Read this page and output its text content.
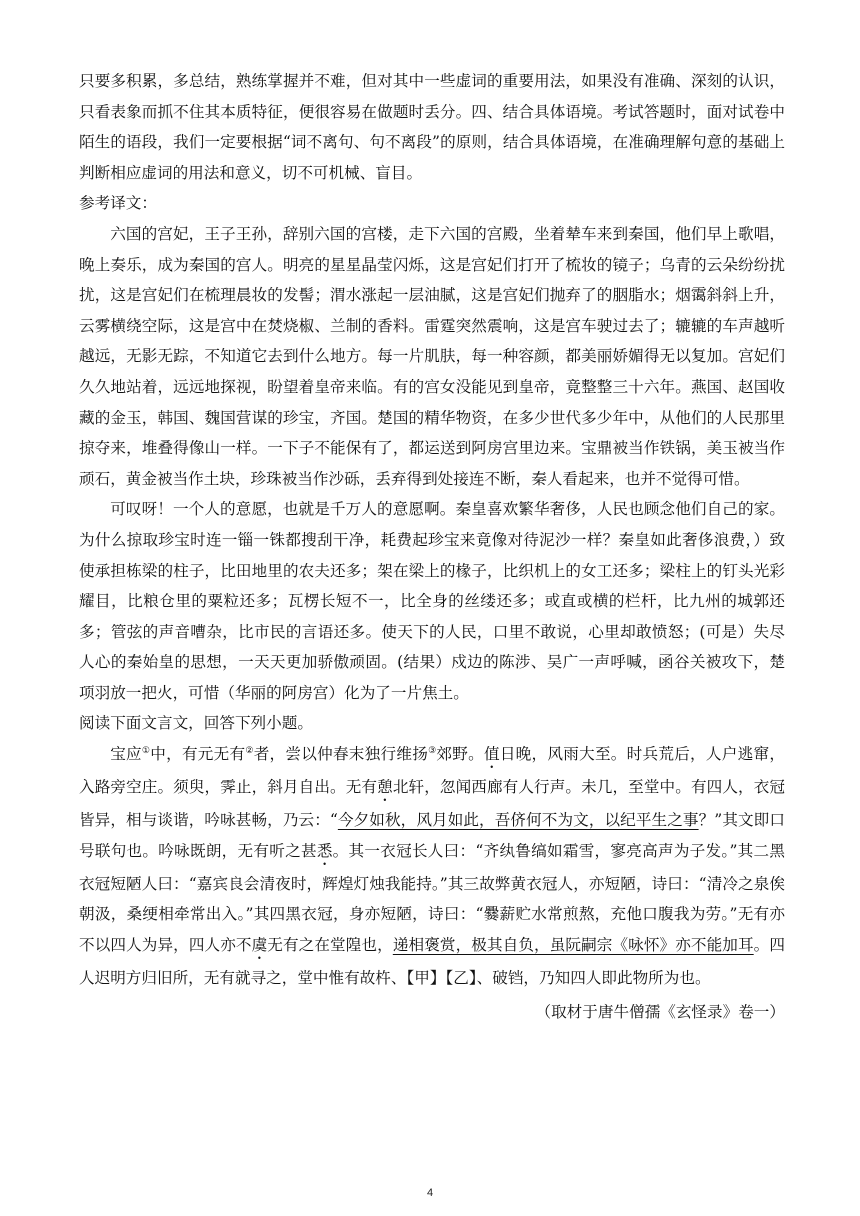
只要多积累，多总结，熟练掌握并不难，但对其中一些虚词的重要用法，如果没有准确、深刻的认识，只看表象而抓不住其本质特征，便很容易在做题时丢分。四、结合具体语境。考试答题时，面对试卷中陌生的语段，我们一定要根据“词不离句、句不离段”的原则，结合具体语境，在准确理解句意的基础上判断相应虚词的用法和意义，切不可机械、盲目。

参考译文：

六国的宫妃，王子王孙，辞别六国的宫楼，走下六国的宫殿，坐着辇车来到秦国，他们早上歌唱，晚上奏乐，成为秦国的宫人。明亮的星星晶莹闪烁，这是宫妃们打开了梳妆的镜子；乌青的云朵纷纷扰扰，这是宫妃们在梳理晨妆的发髻；渭水涨起一层油腻，这是宫妃们抛弃了的胭脂水；烟霭斜斜上升，云雾横绕空际，这是宫中在焚烧椒、兰制的香料。雷霆突然震响，这是宫车驶过去了；辘辘的车声越听越远，无影无踪，不知道它去到什么地方。每一片肌肤，每一种容颜，都美丽娇媚得无以复加。宫妃们久久地站着，远远地探视，盼望着皇帝来临。有的宫女没能见到皇帝，竟整整三十六年。燕国、赵国收藏的金玉，韩国、魏国营谋的珍宝，齐国。楚国的精华物资，在多少世代多少年中，从他们的人民那里掠夺来，堆叠得像山一样。一下子不能保有了，都运送到阿房宫里边来。宝鼎被当作铁锅，美玉被当作顽石，黄金被当作土块，珍珠被当作沙砾，丢弃得到处接连不断，秦人看起来，也并不觉得可惜。

可叹呀！一个人的意愿，也就是千万人的意愿啊。秦皇喜欢繁华奢侈，人民也顾念他们自己的家。为什么掠取珍宝时连一锱一铢都搜刮干净，耗费起珍宝来竟像对待泥沙一样？秦皇如此奢侈浪费，）致使承担栋梁的柱子，比田地里的农夫还多；架在梁上的椽子，比织机上的女工还多；梁柱上的钉头光彩耀目，比粮仓里的粟粒还多；瓦楞长短不一，比全身的丝缕还多；或直或横的栏杆，比九州的城郭还多；管弦的声音嘈杂，比市民的言语还多。使天下的人民，口里不敢说，心里却敢愤怒；(可是）失尽人心的秦始皇的思想，一天天更加骄傲顽固。(结果）戍边的陈涉、吴广一声呼喊，函谷关被攻下，楚项羽放一把火，可惜（华丽的阿房宫）化为了一片焦土。

阅读下面文言文，回答下列小题。

宝应①中，有元无有②者，尝以仲春末独行维扬③郊野。值日晚，风雨大至。时兵荒后，人户逃窜，入路旁空庄。须臾，霁止，斜月自出。无有憩北轩，忽闻西廊有人行声。未几，至堂中。有四人，衣冠皆异，相与谈谐，吟咏甚畅，乃云：“今夕如秋，风月如此，吾侪何不为文，以纪平生之事？”其文即口号联句也。吟咏既朗，无有听之甚悉。其一衣冠长人曰：“齐纨鲁缟如霜雪，寥亮高声为子发。”其二黑衣冠短陋人曰：“嘉宾良会清夜时，辉煌灯烛我能持。”其三故弊黄衣冠人，亦短陋，诗曰：“清冷之泉俟朝汲，桑绠相牵常出入。”其四黑衣冠，身亦短陋，诗曰：“爨薪贮水常煎熬，充他口腹我为劳。”无有亦不以四人为异，四人亦不虞无有之在堂隍也，递相褒赏，极其自负，虽阮嗣宗《咏怀》亦不能加耳。四人迟明方归旧所，无有就寻之，堂中惟有故杵、【甲】【乙】、破铛，乃知四人即此物所为也。

（取材于唐牛僧孺《玄怪录》卷一）

4
